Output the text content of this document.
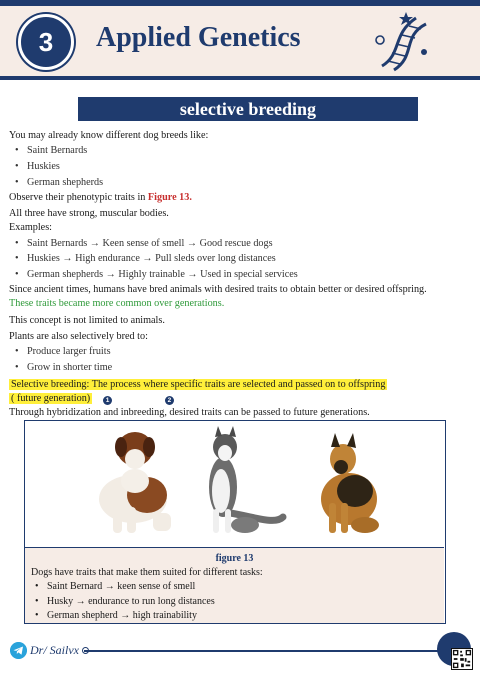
3	Applied Genetics
selective breeding

You may already know different dog breeds like:

• Saint Bernards
• Huskies
• German shepherds

Observe their phenotypic traits in Figure 13.

All three have strong, muscular bodies.

Examples:

• Saint Bernards → Keen sense of smell → Good rescue dogs
• Huskies → High endurance → Pull sleds over long distances
• German shepherds → Highly trainable → Used in special services

Since ancient times, humans have bred animals with desired traits to obtain better or desired offspring.

These traits became more common over generations.

This concept is not limited to animals.

Plants are also selectively bred to:

• Produce larger fruits
• Grow in shorter time
Selective breeding: The process where specific traits are selected and passed on to offspring
( future generation)

Through hybridization
1
and inbreeding
2
, desired traits can be passed to future generations.

figure 13
Dogs have traits that make them suited for different tasks:
• Saint Bernard → keen sense of smell
• Husky → endurance to run long distances
• German shepherd → high trainability
Dr/ Sailvx
